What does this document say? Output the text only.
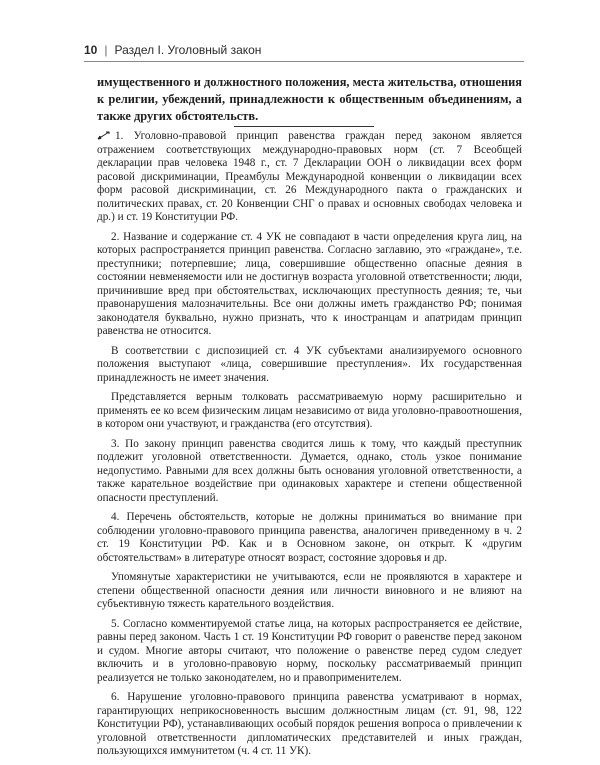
10 | Раздел I. Уголовный закон
имущественного и должностного положения, места жительства, отношения к религии, убеждений, принадлежности к общественным объединениям, а также других обстоятельств.

1. Уголовно-правовой принцип равенства граждан перед законом является отражением соответствующих международно-правовых норм (ст. 7 Всеобщей декларации прав человека 1948 г., ст. 7 Декларации ООН о ликвидации всех форм расовой дискриминации, Преамбулы Международной конвенции о ликвидации всех форм расовой дискриминации, ст. 26 Международного пакта о гражданских и политических правах, ст. 20 Конвенции СНГ о правах и основных свободах человека и др.) и ст. 19 Конституции РФ.

2. Название и содержание ст. 4 УК не совпадают в части определения круга лиц, на которых распространяется принцип равенства. Согласно заглавию, это «граждане», т.е. преступники; потерпевшие; лица, совершившие общественно опасные деяния в состоянии невменяемости или не достигнув возраста уголовной ответственности; люди, причинившие вред при обстоятельствах, исключающих преступность деяния; те, чьи правонарушения малозначительны. Все они должны иметь гражданство РФ; понимая законодателя буквально, нужно признать, что к иностранцам и апатридам принцип равенства не относится.

В соответствии с диспозицией ст. 4 УК субъектами анализируемого основного положения выступают «лица, совершившие преступления». Их государственная принадлежность не имеет значения.

Представляется верным толковать рассматриваемую норму расширительно и применять ее ко всем физическим лицам независимо от вида уголовно-правоотношения, в котором они участвуют, и гражданства (его отсутствия).

3. По закону принцип равенства сводится лишь к тому, что каждый преступник подлежит уголовной ответственности. Думается, однако, столь узкое понимание недопустимо. Равными для всех должны быть основания уголовной ответственности, а также карательное воздействие при одинаковых характере и степени общественной опасности преступлений.

4. Перечень обстоятельств, которые не должны приниматься во внимание при соблюдении уголовно-правового принципа равенства, аналогичен приведенному в ч. 2 ст. 19 Конституции РФ. Как и в Основном законе, он открыт. К «другим обстоятельствам» в литературе относят возраст, состояние здоровья и др.

Упомянутые характеристики не учитываются, если не проявляются в характере и степени общественной опасности деяния или личности виновного и не влияют на субъективную тяжесть карательного воздействия.

5. Согласно комментируемой статье лица, на которых распространяется ее действие, равны перед законом. Часть 1 ст. 19 Конституции РФ говорит о равенстве перед законом и судом. Многие авторы считают, что положение о равенстве перед судом следует включить и в уголовно-правовую норму, поскольку рассматриваемый принцип реализуется не только законодателем, но и правоприменителем.

6. Нарушение уголовно-правового принципа равенства усматривают в нормах, гарантирующих неприкосновенность высшим должностным лицам (ст. 91, 98, 122 Конституции РФ), устанавливающих особый порядок решения вопроса о привлечении к уголовной ответственности дипломатических представителей и иных граждан, пользующихся иммунитетом (ч. 4 ст. 11 УК).
